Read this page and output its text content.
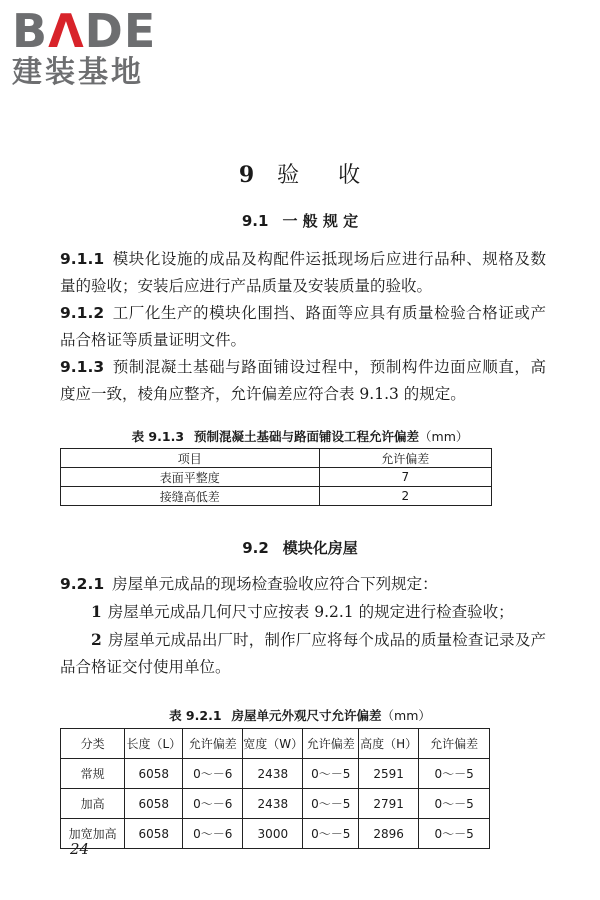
BΛDE
建装基地
9 验 收
9.1 一 般 规 定

9.1.1 模块化设施的成品及构配件运抵现场后应进行品种、规格及数量的验收；安装后应进行产品质量及安装质量的验收。

9.1.2 工厂化生产的模块化围挡、路面等应具有质量检验合格证或产品合格证等质量证明文件。

9.1.3 预制混凝土基础与路面铺设过程中，预制构件边面应顺直，高度应一致，棱角应整齐，允许偏差应符合表 9.1.3 的规定。

表 9.1.3 预制混凝土基础与路面铺设工程允许偏差（mm）
项目	允许偏差
表面平整度	7
接缝高低差	2
9.2 模块化房屋

9.2.1 房屋单元成品的现场检查验收应符合下列规定：

1 房屋单元成品几何尺寸应按表 9.2.1 的规定进行检查验收；

2 房屋单元成品出厂时，制作厂应将每个成品的质量检查记录及产品合格证交付使用单位。

表 9.2.1 房屋单元外观尺寸允许偏差（mm）
分类	长度（L）	允许偏差	宽度（W）	允许偏差	高度（H）	允许偏差
常规	6058	0～－6	2438	0～－5	2591	0～－5
加高	6058	0～－6	2438	0～－5	2791	0～－5
加宽加高	6058	0～－6	3000	0～－5	2896	0～－5
24
